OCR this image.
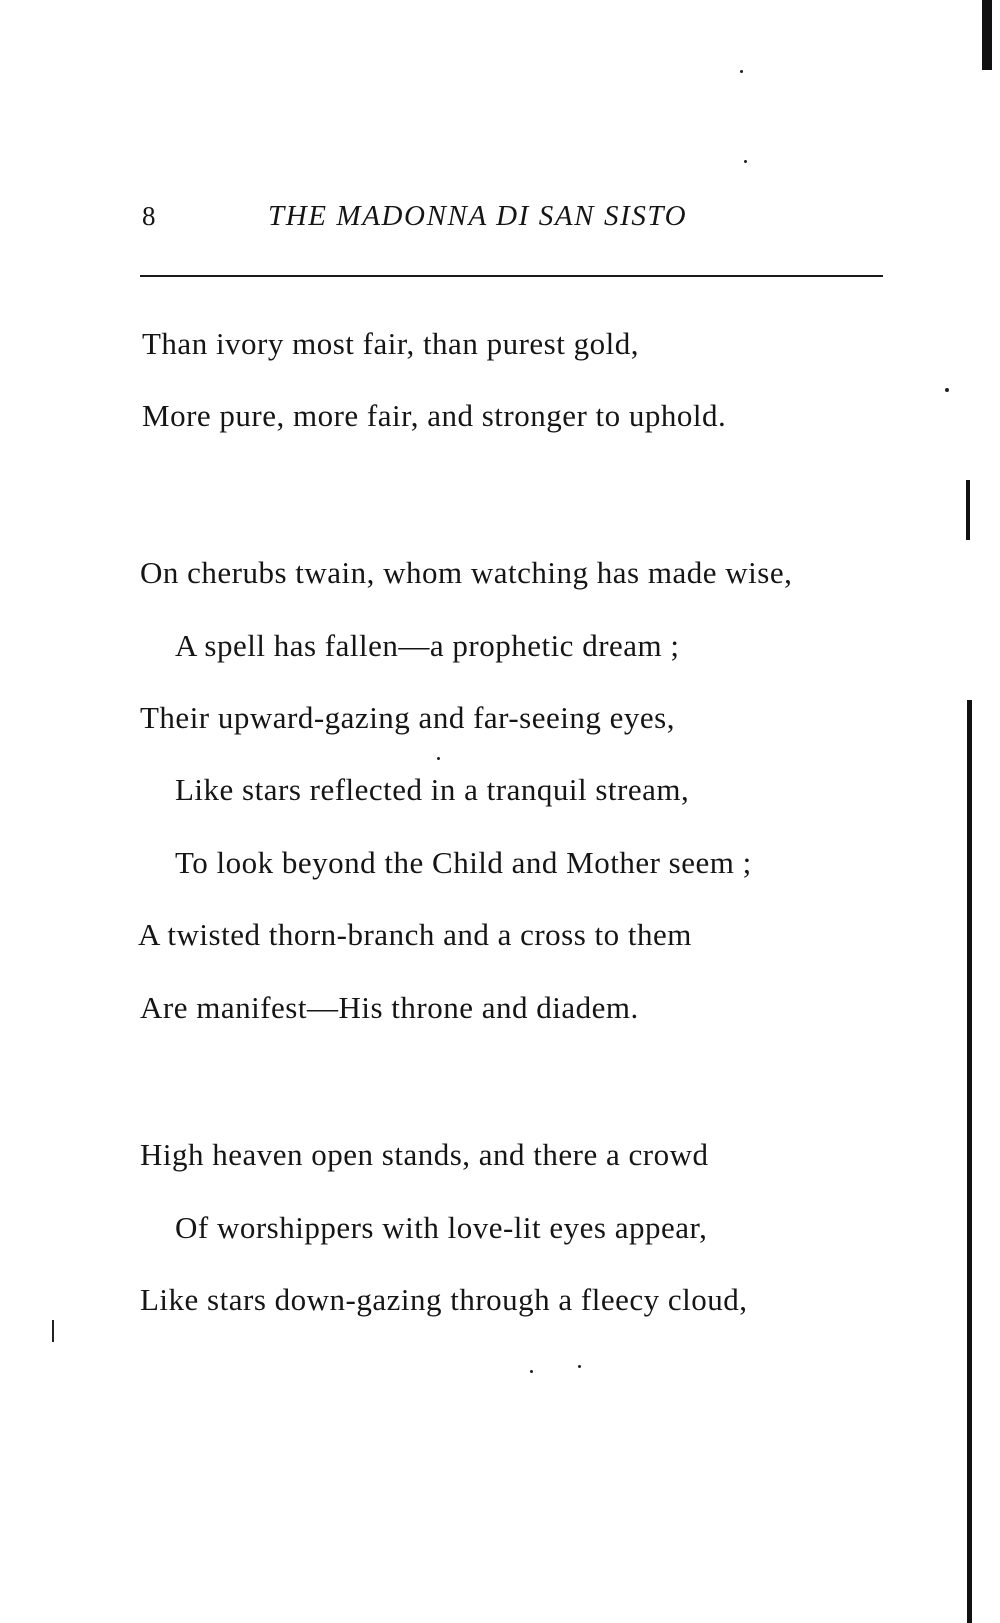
8	THE MADONNA DI SAN SISTO
Than ivory most fair, than purest gold,
More pure, more fair, and stronger to uphold.
On cherubs twain, whom watching has made wise,
A spell has fallen—a prophetic dream ;
Their upward-gazing and far-seeing eyes,
Like stars reflected in a tranquil stream,
To look beyond the Child and Mother seem ;
A twisted thorn-branch and a cross to them
Are manifest—His throne and diadem.
High heaven open stands, and there a crowd
Of worshippers with love-lit eyes appear,
Like stars down-gazing through a fleecy cloud,
